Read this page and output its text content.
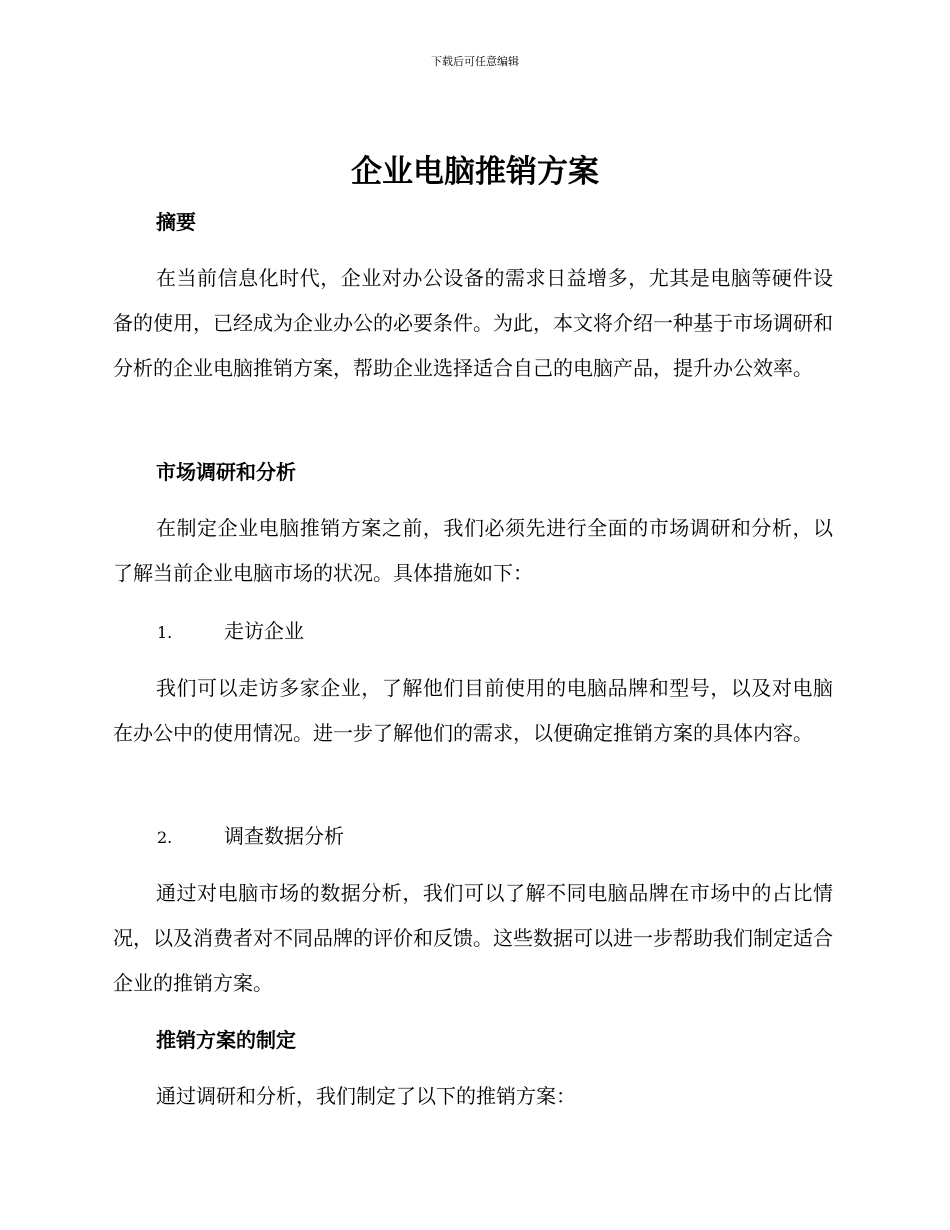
下载后可任意编辑
企业电脑推销方案
摘要

在当前信息化时代，企业对办公设备的需求日益增多，尤其是电脑等硬件设备的使用，已经成为企业办公的必要条件。为此，本文将介绍一种基于市场调研和分析的企业电脑推销方案，帮助企业选择适合自己的电脑产品，提升办公效率。

市场调研和分析

在制定企业电脑推销方案之前，我们必须先进行全面的市场调研和分析，以了解当前企业电脑市场的状况。具体措施如下：

1.	走访企业

我们可以走访多家企业，了解他们目前使用的电脑品牌和型号，以及对电脑在办公中的使用情况。进一步了解他们的需求，以便确定推销方案的具体内容。

2.	调查数据分析

通过对电脑市场的数据分析，我们可以了解不同电脑品牌在市场中的占比情况，以及消费者对不同品牌的评价和反馈。这些数据可以进一步帮助我们制定适合企业的推销方案。

推销方案的制定

通过调研和分析，我们制定了以下的推销方案：
